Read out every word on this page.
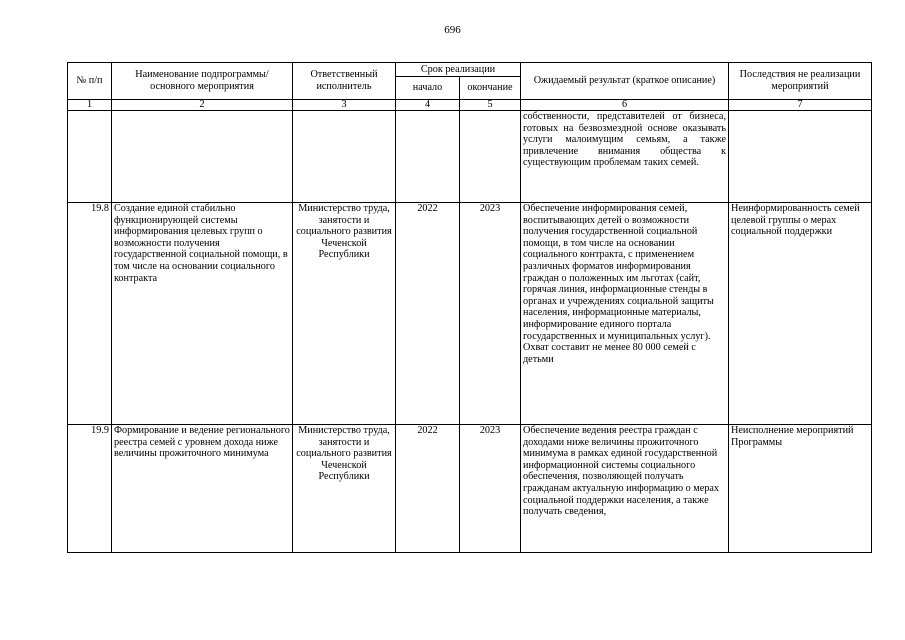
696
№ п/п	Наименование подпрограммы/ основного мероприятия	Ответственный исполнитель	Срок реализации		Ожидаемый результат (краткое описание)	Последствия не реализации мероприятий
			начало	окончание		
1	2	3	4	5	6	7
					собственности, представителей от бизнеса, готовых на безвозмездной основе оказывать услуги малоимущим семьям, а также привлечение внимания общества к существующим проблемам таких семей.	
19.8	Создание единой стабильно функционирующей системы информирования целевых групп о возможности получения государственной социальной помощи, в том числе на основании социального контракта	Министерство труда, занятости и социального развития Чеченской Республики	2022	2023	Обеспечение информирования семей, воспитывающих детей о возможности получения государственной социальной помощи, в том числе на основании социального контракта, с применением различных форматов информирования граждан о положенных им льготах (сайт, горячая линия, информационные стенды в органах и учреждениях социальной защиты населения, информационные материалы, информирование единого портала государственных и муниципальных услуг). Охват составит не менее 80 000 семей с детьми	Неинформированность семей целевой группы о мерах социальной поддержки
19.9	Формирование и ведение регионального реестра семей с уровнем дохода ниже величины прожиточного минимума	Министерство труда, занятости и социального развития Чеченской Республики	2022	2023	Обеспечение ведения реестра граждан с доходами ниже величины прожиточного минимума в рамках единой государственной информационной системы социального обеспечения, позволяющей получать гражданам актуальную информацию о мерах социальной поддержки населения, а также получать сведения,	Неисполнение мероприятий Программы
